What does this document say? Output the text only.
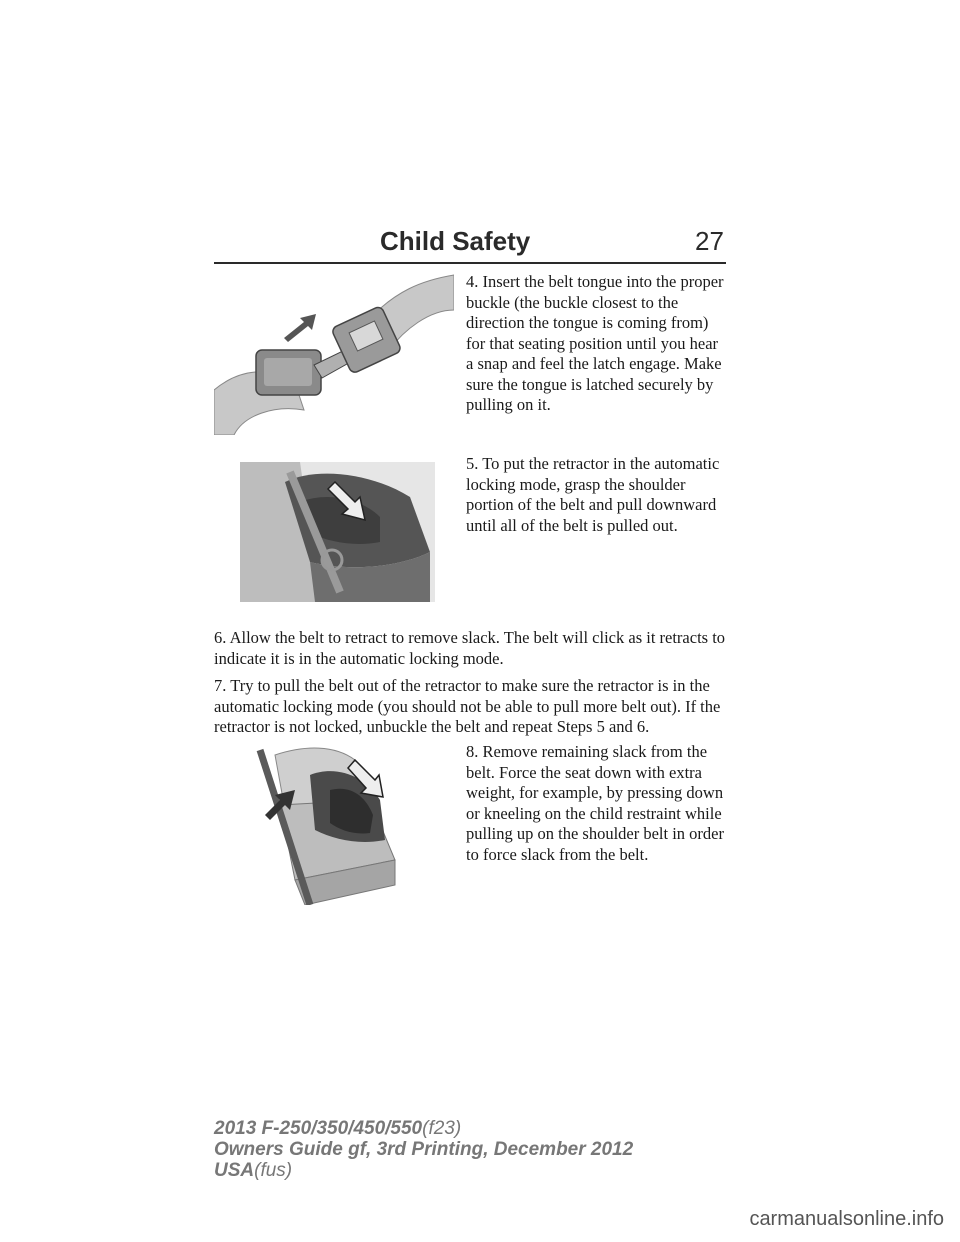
Child Safety	27
4. Insert the belt tongue into the proper buckle (the buckle closest to the direction the tongue is coming from) for that seating position until you hear a snap and feel the latch engage. Make sure the tongue is latched securely by pulling on it.
5. To put the retractor in the automatic locking mode, grasp the shoulder portion of the belt and pull downward until all of the belt is pulled out.
6. Allow the belt to retract to remove slack. The belt will click as it retracts to indicate it is in the automatic locking mode.
7. Try to pull the belt out of the retractor to make sure the retractor is in the automatic locking mode (you should not be able to pull more belt out). If the retractor is not locked, unbuckle the belt and repeat Steps 5 and 6.
8. Remove remaining slack from the belt. Force the seat down with extra weight, for example, by pressing down or kneeling on the child restraint while pulling up on the shoulder belt in order to force slack from the belt.
2013 F-250/350/450/550(f23)
Owners Guide gf, 3rd Printing, December 2012
USA(fus)
carmanualsonline.info
